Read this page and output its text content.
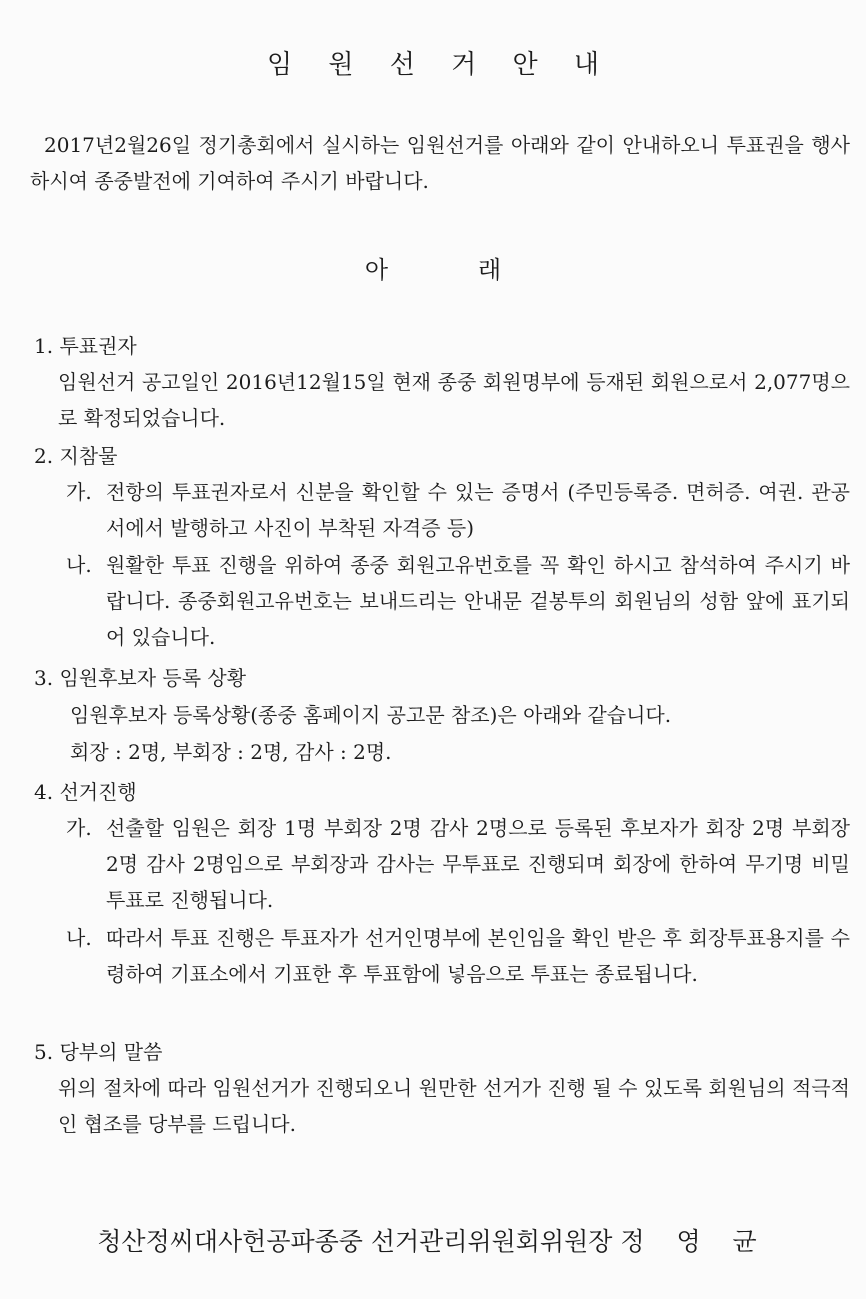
임 원 선 거 안 내

2017년2월26일 정기총회에서 실시하는 임원선거를 아래와 같이 안내하오니 투표권을 행사하시여 종중발전에 기여하여 주시기 바랍니다.

아	래
1. 투표권자

임원선거 공고일인 2016년12월15일 현재 종중 회원명부에 등재된 회원으로서 2,077명으로 확정되었습니다.

2. 지참물
가. 전항의 투표권자로서 신분을 확인할 수 있는 증명서 (주민등록증. 면허증. 여권. 관공서에서 발행하고 사진이 부착된 자격증 등)
나. 원활한 투표 진행을 위하여 종중 회원고유번호를 꼭 확인 하시고 참석하여 주시기 바랍니다. 종중회원고유번호는 보내드리는 안내문 겉봉투의 회원님의 성함 앞에 표기되어 있습니다.
3. 임원후보자 등록 상황
임원후보자 등록상황(종중 홈페이지 공고문 참조)은 아래와 같습니다.
회장 : 2명, 부회장 : 2명, 감사 : 2명.
4. 선거진행
가. 선출할 임원은 회장 1명 부회장 2명 감사 2명으로 등록된 후보자가 회장 2명 부회장 2명 감사 2명임으로 부회장과 감사는 무투표로 진행되며 회장에 한하여 무기명 비밀투표로 진행됩니다.
나. 따라서 투표 진행은 투표자가 선거인명부에 본인임을 확인 받은 후 회장투표용지를 수령하여 기표소에서 기표한 후 투표함에 넣음으로 투표는 종료됩니다.
5. 당부의 말씀

위의 절차에 따라 임원선거가 진행되오니 원만한 선거가 진행 될 수 있도록 회원님의 적극적인 협조를 당부를 드립니다.

청산정씨대사헌공파종중 선거관리위원회위원장 정 영 균
